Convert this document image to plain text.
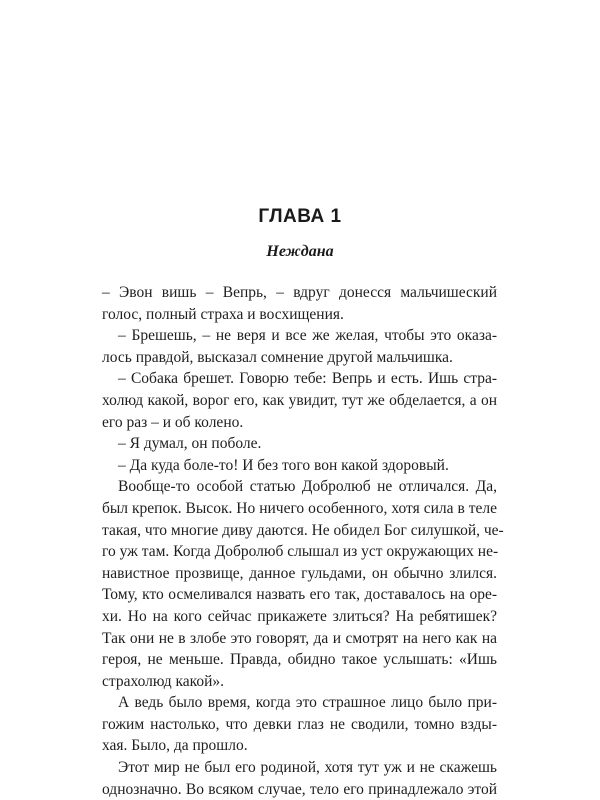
ГЛАВА 1
Нежданa
– Эвон вишь – Вепрь, – вдруг донесся мальчишеский
голос, полный страха и восхищения.
– Брешешь, – не веря и все же желая, чтобы это оказа-
лось правдой, высказал сомнение другой мальчишка.
– Собака брешет. Говорю тебе: Вепрь и есть. Ишь стра-
холюд какой, ворог его, как увидит, тут же обделается, а он
его раз – и об колено.
– Я думал, он поболе.
– Да куда боле-то! И без того вон какой здоровый.
Вообще-то особой статью Добролюб не отличался. Да,
был крепок. Высок. Но ничего особенного, хотя сила в теле
такая, что многие диву даются. Не обидел Бог силушкой, че-
го уж там. Когда Добролюб слышал из уст окружающих не-
навистное прозвище, данное гульдами, он обычно злился.
Тому, кто осмеливался назвать его так, доставалось на оре-
хи. Но на кого сейчас прикажете злиться? На ребятишек?
Так они не в злобе это говорят, да и смотрят на него как на
героя, не меньше. Правда, обидно такое услышать: «Ишь
страхолюд какой».
А ведь было время, когда это страшное лицо было при-
гожим настолько, что девки глаз не сводили, томно взды-
хая. Было, да прошло.
Этот мир не был его родиной, хотя тут уж и не скажешь
однозначно. Во всяком случае, тело его принадлежало этой
